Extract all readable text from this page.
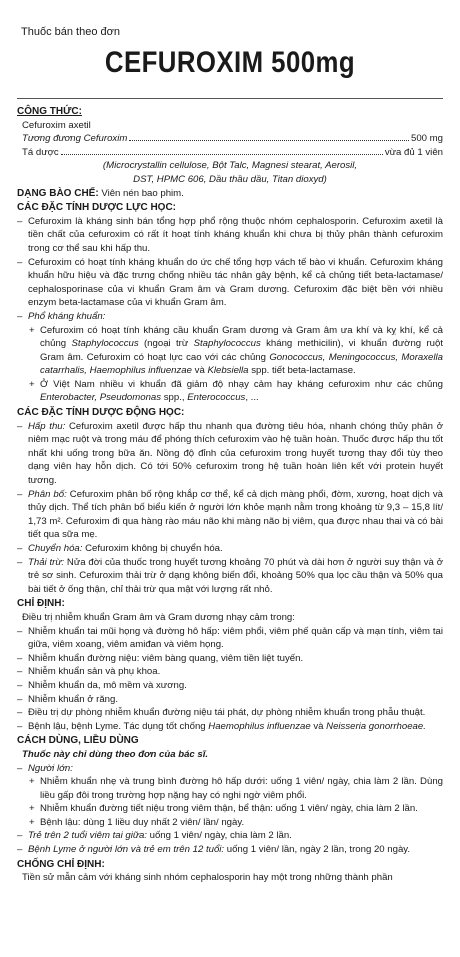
Thuốc bán theo đơn
CEFUROXIM 500mg
CÔNG THỨC:
Cefuroxim axetil
Tương đương Cefuroxim	500 mg
Tá dược	vừa đủ 1 viên
(Microcrystallin cellulose, Bột Talc, Magnesi stearat, Aerosil,
DST, HPMC 606, Dầu thầu dầu, Titan dioxyd)
DẠNG BÀO CHẾ: Viên nén bao phim.
CÁC ĐẶC TÍNH DƯỢC LỰC HỌC:
– Cefuroxim là kháng sinh bán tổng hợp phổ rộng thuộc nhóm cephalosporin. Cefuroxim axetil là tiền chất của cefuroxim có rất ít hoạt tính kháng khuẩn khi chưa bị thủy phân thành cefuroxim trong cơ thể sau khi hấp thu.
– Cefuroxim có hoạt tính kháng khuẩn do ức chế tổng hợp vách tế bào vi khuẩn. Cefuroxim kháng khuẩn hữu hiệu và đặc trưng chống nhiều tác nhân gây bệnh, kể cả chủng tiết beta-lactamase/ cephalosporinase của vi khuẩn Gram âm và Gram dương. Cefuroxim đặc biệt bền với nhiều enzym beta-lactamase của vi khuẩn Gram âm.
– Phổ kháng khuẩn:
+ Cefuroxim có hoạt tính kháng cầu khuẩn Gram dương và Gram âm ưa khí và kỵ khí, kể cả chủng Staphylococcus (ngoại trừ Staphylococcus kháng methicilin), vi khuẩn đường ruột Gram âm. Cefuroxim có hoạt lực cao với các chủng Gonococcus, Meningococcus, Moraxella catarrhalis, Haemophilus influenzae và Klebsiella spp. tiết beta-lactamase.
+ Ở Việt Nam nhiều vi khuẩn đã giảm độ nhạy cảm hay kháng cefuroxim như các chủng Enterobacter, Pseudomonas spp., Enterococcus, ...
CÁC ĐẶC TÍNH DƯỢC ĐỘNG HỌC:
– Hấp thu: Cefuroxim axetil được hấp thu nhanh qua đường tiêu hóa, nhanh chóng thủy phân ở niêm mạc ruột và trong máu để phóng thích cefuroxim vào hệ tuần hoàn. Thuốc được hấp thu tốt nhất khi uống trong bữa ăn. Nồng độ đỉnh của cefuroxim trong huyết tương thay đổi tùy theo dạng viên hay hỗn dịch. Có tới 50% cefuroxim trong hệ tuần hoàn liên kết với protein huyết tương.
– Phân bố: Cefuroxim phân bố rộng khắp cơ thể, kể cả dịch màng phổi, đờm, xương, hoạt dịch và thủy dịch. Thể tích phân bố biểu kiến ở người lớn khỏe mạnh nằm trong khoảng từ 9,3 – 15,8 lít/ 1,73 m². Cefuroxim đi qua hàng rào máu não khi màng não bị viêm, qua được nhau thai và có bài tiết qua sữa mẹ.
– Chuyển hóa: Cefuroxim không bị chuyển hóa.
– Thải trừ: Nửa đời của thuốc trong huyết tương khoảng 70 phút và dài hơn ở người suy thận và ở trẻ sơ sinh. Cefuroxim thải trừ ở dạng không biến đổi, khoảng 50% qua lọc cầu thận và 50% qua bài tiết ở ống thận, chỉ thải trừ qua mật với lượng rất nhỏ.
CHỈ ĐỊNH:
Điều trị nhiễm khuẩn Gram âm và Gram dương nhạy cảm trong:
– Nhiễm khuẩn tai mũi họng và đường hô hấp: viêm phổi, viêm phế quản cấp và mạn tính, viêm tai giữa, viêm xoang, viêm amiđan và viêm họng.
– Nhiễm khuẩn đường niệu: viêm bàng quang, viêm tiền liệt tuyến.
– Nhiễm khuẩn sản và phụ khoa.
– Nhiễm khuẩn da, mô mềm và xương.
– Nhiễm khuẩn ở răng.
– Điều trị dự phòng nhiễm khuẩn đường niệu tái phát, dự phòng nhiễm khuẩn trong phẫu thuật.
– Bệnh lậu, bệnh Lyme. Tác dụng tốt chống Haemophilus influenzae và Neisseria gonorrhoeae.
CÁCH DÙNG, LIỀU DÙNG
Thuốc này chỉ dùng theo đơn của bác sĩ.
– Người lớn:
+ Nhiễm khuẩn nhẹ và trung bình đường hô hấp dưới: uống 1 viên/ ngày, chia làm 2 lần. Dùng liều gấp đôi trong trường hợp nặng hay có nghi ngờ viêm phổi.
+ Nhiễm khuẩn đường tiết niệu trong viêm thận, bể thận: uống 1 viên/ ngày, chia làm 2 lần.
+ Bệnh lậu: dùng 1 liều duy nhất 2 viên/ lần/ ngày.
– Trẻ trên 2 tuổi viêm tai giữa: uống 1 viên/ ngày, chia làm 2 lần.
– Bệnh Lyme ở người lớn và trẻ em trên 12 tuổi: uống 1 viên/ lần, ngày 2 lần, trong 20 ngày.
CHỐNG CHỈ ĐỊNH:
Tiền sử mẫn cảm với kháng sinh nhóm cephalosporin hay một trong những thành phần
